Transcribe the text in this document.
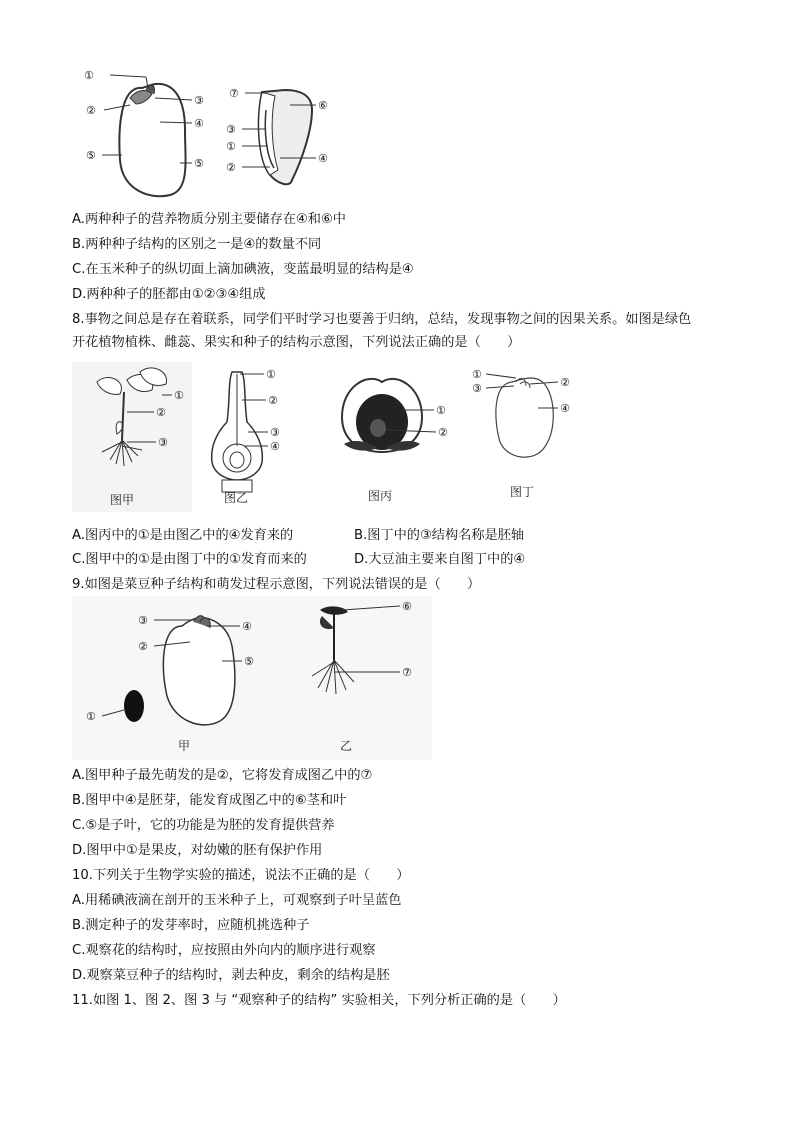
①
②
③
④
⑤
⑤
⑦
⑥
③
①
②
④
A.两种种子的营养物质分别主要储存在④和⑥中
B.两种种子结构的区别之一是④的数量不同
C.在玉米种子的纵切面上滴加碘液，变蓝最明显的结构是④
D.两种种子的胚都由①②③④组成
8.事物之间总是存在着联系，同学们平时学习也要善于归纳，总结，发现事物之间的因果关系。如图是绿色
开花植物植株、雌蕊、果实和种子的结构示意图，下列说法正确的是（　　）
①
②
③
图甲
①
②
③
④
图乙
①
②
图丙
①
③	②
④
图丁
A.图丙中的①是由图乙中的④发育来的	B.图丁中的③结构名称是胚轴
C.图甲中的①是由图丁中的①发育而来的	D.大豆油主要来自图丁中的④
9.如图是菜豆种子结构和萌发过程示意图，下列说法错误的是（　　）
③
②
④
⑤
①
甲
⑥
⑦
乙
A.图甲种子最先萌发的是②，它将发育成图乙中的⑦
B.图甲中④是胚芽，能发育成图乙中的⑥茎和叶
C.⑤是子叶，它的功能是为胚的发育提供营养
D.图甲中①是果皮，对幼嫩的胚有保护作用
10.下列关于生物学实验的描述，说法不正确的是（　　）
A.用稀碘液滴在剖开的玉米种子上，可观察到子叶呈蓝色
B.测定种子的发芽率时，应随机挑选种子
C.观察花的结构时，应按照由外向内的顺序进行观察
D.观察菜豆种子的结构时，剥去种皮，剩余的结构是胚
11.如图 1、图 2、图 3 与 “观察种子的结构” 实验相关，下列分析正确的是（　　）
